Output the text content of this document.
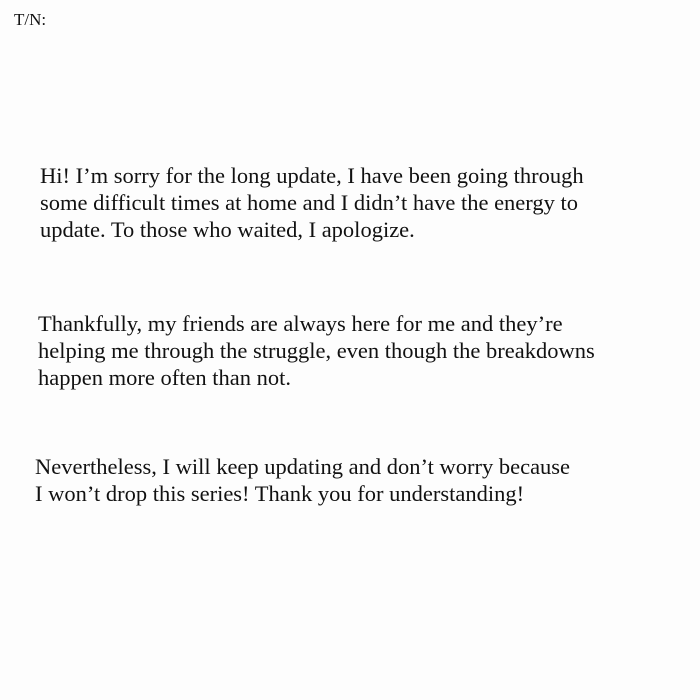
T/N:

Hi! I’m sorry for the long update, I have been going through
some difficult times at home and I didn’t have the energy to
update. To those who waited, I apologize.

Thankfully, my friends are always here for me and they’re
helping me through the struggle, even though the breakdowns
happen more often than not.

Nevertheless, I will keep updating and don’t worry because
I won’t drop this series! Thank you for understanding!
